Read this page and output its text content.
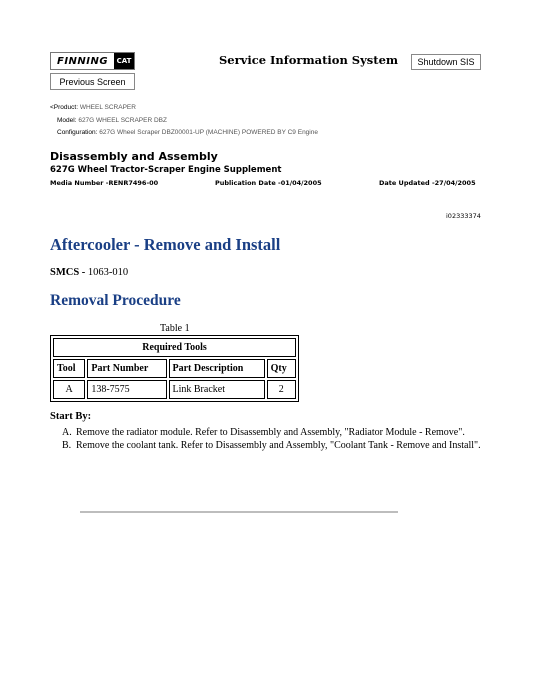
FINNING	CAT
Previous Screen
Service Information System	Shutdown SIS
<Product: WHEEL SCRAPER
Model: 627G WHEEL SCRAPER DBZ
Configuration: 627G Wheel Scraper DBZ00001-UP (MACHINE) POWERED BY C9 Engine
Disassembly and Assembly
627G Wheel Tractor-Scraper Engine Supplement
Media Number -RENR7496-00	Publication Date -01/04/2005	Date Updated -27/04/2005
i02333374
Aftercooler - Remove and Install
SMCS - 1063-010
Removal Procedure
Table 1
Required Tools			
Tool	Part Number	Part Description	Qty
A	138-7575	Link Bracket	2
Start By:
A. Remove the radiator module. Refer to Disassembly and Assembly, "Radiator Module - Remove".
B. Remove the coolant tank. Refer to Disassembly and Assembly, "Coolant Tank - Remove and Install".
